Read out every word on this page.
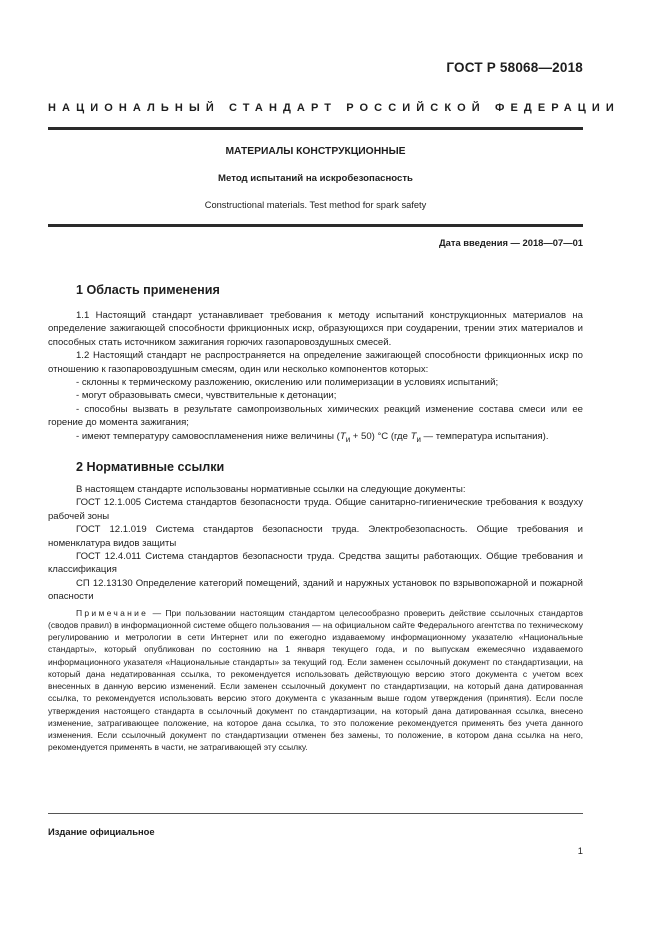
ГОСТ Р 58068—2018
НАЦИОНАЛЬНЫЙ СТАНДАРТ РОССИЙСКОЙ ФЕДЕРАЦИИ
МАТЕРИАЛЫ КОНСТРУКЦИОННЫЕ
Метод испытаний на искробезопасность
Constructional materials. Test method for spark safety
Дата введения — 2018—07—01
1 Область применения

1.1 Настоящий стандарт устанавливает требования к методу испытаний конструкционных материалов на определение зажигающей способности фрикционных искр, образующихся при соударении, трении этих материалов и способных стать источником зажигания горючих газопаровоздушных смесей.

1.2 Настоящий стандарт не распространяется на определение зажигающей способности фрикционных искр по отношению к газопаровоздушным смесям, один или несколько компонентов которых:

- склонны к термическому разложению, окислению или полимеризации в условиях испытаний;

- могут образовывать смеси, чувствительные к детонации;

- способны вызвать в результате самопроизвольных химических реакций изменение состава смеси или ее горение до момента зажигания;

- имеют температуру самовоспламенения ниже величины $(T_и + 50)$ °С (где $T_и$ — температура испытания).

2 Нормативные ссылки

В настоящем стандарте использованы нормативные ссылки на следующие документы:

ГОСТ 12.1.005 Система стандартов безопасности труда. Общие санитарно-гигиенические требования к воздуху рабочей зоны

ГОСТ 12.1.019 Система стандартов безопасности труда. Электробезопасность. Общие требования и номенклатура видов защиты

ГОСТ 12.4.011 Система стандартов безопасности труда. Средства защиты работающих. Общие требования и классификация

СП 12.13130 Определение категорий помещений, зданий и наружных установок по взрывопожарной и пожарной опасности

Примечание — При пользовании настоящим стандартом целесообразно проверить действие ссылочных стандартов (сводов правил) в информационной системе общего пользования — на официальном сайте Федерального агентства по техническому регулированию и метрологии в сети Интернет или по ежегодно издаваемому информационному указателю «Национальные стандарты», который опубликован по состоянию на 1 января текущего года, и по выпускам ежемесячно издаваемого информационного указателя «Национальные стандарты» за текущий год. Если заменен ссылочный документ по стандартизации, на который дана недатированная ссылка, то рекомендуется использовать действующую версию этого документа с учетом всех внесенных в данную версию изменений. Если заменен ссылочный документ по стандартизации, на который дана датированная ссылка, то рекомендуется использовать версию этого документа с указанным выше годом утверждения (принятия). Если после утверждения настоящего стандарта в ссылочный документ по стандартизации, на который дана датированная ссылка, внесено изменение, затрагивающее положение, на которое дана ссылка, то это положение рекомендуется применять без учета данного изменения. Если ссылочный документ по стандартизации отменен без замены, то положение, в котором дана ссылка на него, рекомендуется применять в части, не затрагивающей эту ссылку.

Издание официальное
1
